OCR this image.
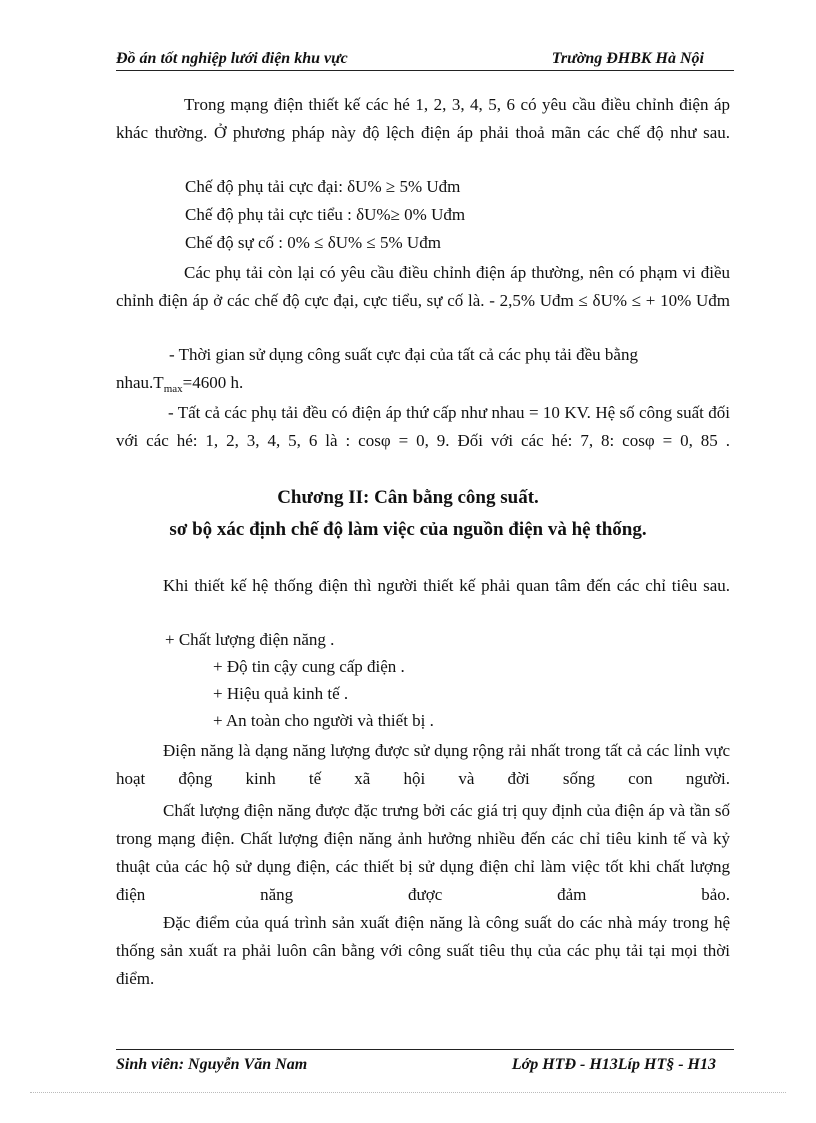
Đồ án tốt nghiệp lưới điện khu vực	Trường ĐHBK Hà Nội

Trong mạng điện thiết kế các hé 1, 2, 3, 4, 5, 6 có yêu cầu điều chỉnh điện áp khác thường. Ở phương pháp này độ lệch điện áp phải thoả mãn các chế độ như sau.

Chế độ phụ tải cực đại: δU% ≥ 5% Uđm
Chế độ phụ tải cực tiểu : δU%≥ 0% Uđm
Chế độ sự cố : 0% ≤ δU% ≤ 5% Uđm

Các phụ tải còn lại có yêu cầu điều chỉnh điện áp thường, nên có phạm vi điều chỉnh điện áp ở các chế độ cực đại, cực tiểu, sự cố là. - 2,5% Uđm ≤ δU% ≤ + 10% Uđm

- Thời gian sử dụng công suất cực đại của tất cả các phụ tải đều bằng
$nhau.T_{max}=4600$ h.

- Tất cả các phụ tải đều có điện áp thứ cấp như nhau = 10 KV. Hệ số công suất đối với các hé: 1, 2, 3, 4, 5, 6 là : cosφ = 0, 9. Đối với các hé: 7, 8: cosφ = 0, 85 .

Chương II: Cân bằng công suất.
sơ bộ xác định chế độ làm việc của nguồn điện và hệ thống.

Khi thiết kế hệ thống điện thì người thiết kế phải quan tâm đến các chỉ tiêu sau.

+ Chất lượng điện năng .
+ Độ tin cậy cung cấp điện .
+ Hiệu quả kinh tế .
+ An toàn cho người và thiết bị .

Điện năng là dạng năng lượng được sử dụng rộng rải nhất trong tất cả các lỉnh vực hoạt động kinh tế xã hội và đời sống con người.

Chất lượng điện năng được đặc trưng bởi các giá trị quy định của điện áp và tần số trong mạng điện. Chất lượng điện năng ảnh hưởng nhiều đến các chỉ tiêu kinh tế và kỷ thuật của các hộ sử dụng điện, các thiết bị sử dụng điện chỉ làm việc tốt khi chất lượng điện năng được đảm bảo.

Đặc điểm của quá trình sản xuất điện năng là công suất do các nhà máy trong hệ thống sản xuất ra phải luôn cân bằng với công suất tiêu thụ của các phụ tải tại mọi thời điểm.

Sinh viên: Nguyễn Văn Nam	Lớp HTĐ - H13Líp HT§ - H13
